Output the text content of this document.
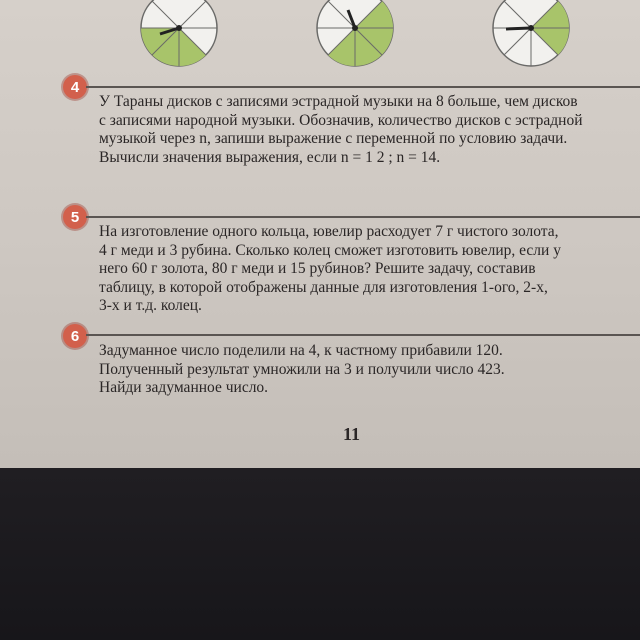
4
У Тараны дисков с записями эстрадной музыки на 8 больше, чем дисков
с записями народной музыки. Обозначив, количество дисков с эстрадной
музыкой через n, запиши выражение с переменной по условию задачи.
Вычисли значения выражения, если n = 1 2 ; n = 14.
5
На изготовление одного кольца, ювелир расходует 7 г чистого золота,
4 г меди и 3 рубина. Сколько колец сможет изготовить ювелир, если у
него 60 г золота, 80 г меди и 15 рубинов? Решите задачу, составив
таблицу, в которой отображены данные для изготовления 1-ого, 2-х,
3-х и т.д. колец.
6
Задуманное число поделили на 4, к частному прибавили 120.
Полученный результат умножили на 3 и получили число 423.
Найди задуманное число.
11
